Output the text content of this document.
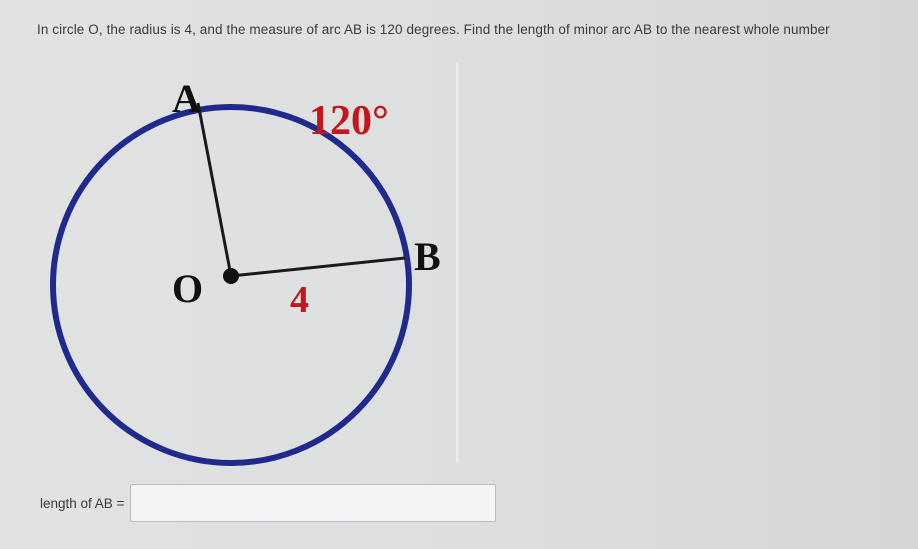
In circle O, the radius is 4, and the measure of arc AB is 120 degrees. Find the length of minor arc AB to the nearest whole number
A
B
O
120°
4
length of AB =
